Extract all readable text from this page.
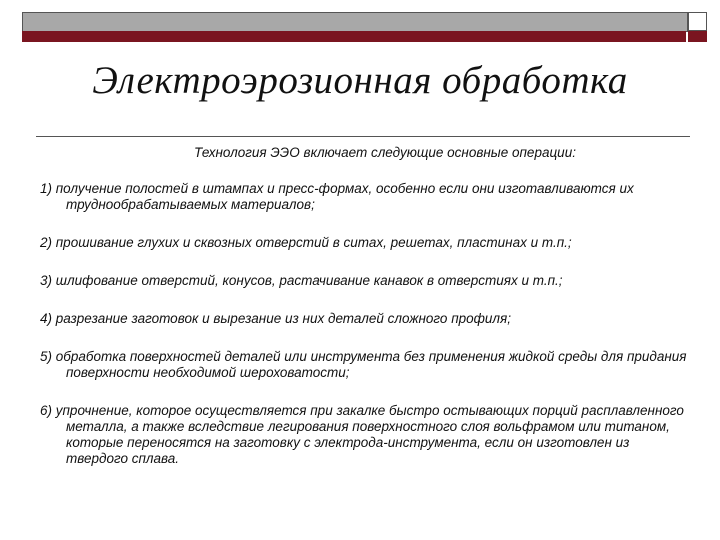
Электроэрозионная обработка

Технология ЭЭО включает следующие основные операции:

1) получение полостей в штампах и пресс-формах, особенно если они изготавливаются их труднообрабатываемых материалов;

2) прошивание глухих и сквозных отверстий в ситах, решетах, пластинах и т.п.;

3) шлифование отверстий, конусов, растачивание канавок в отверстиях и т.п.;

4) разрезание заготовок и вырезание из них деталей сложного профиля;

5) обработка поверхностей деталей или инструмента без применения жидкой среды для придания поверхности необходимой шероховатости;

6) упрочнение, которое осуществляется при закалке быстро остывающих порций расплавленного металла, а также вследствие легирования поверхностного слоя вольфрамом или титаном, которые переносятся на заготовку с электрода-инструмента, если он изготовлен из твердого сплава.
